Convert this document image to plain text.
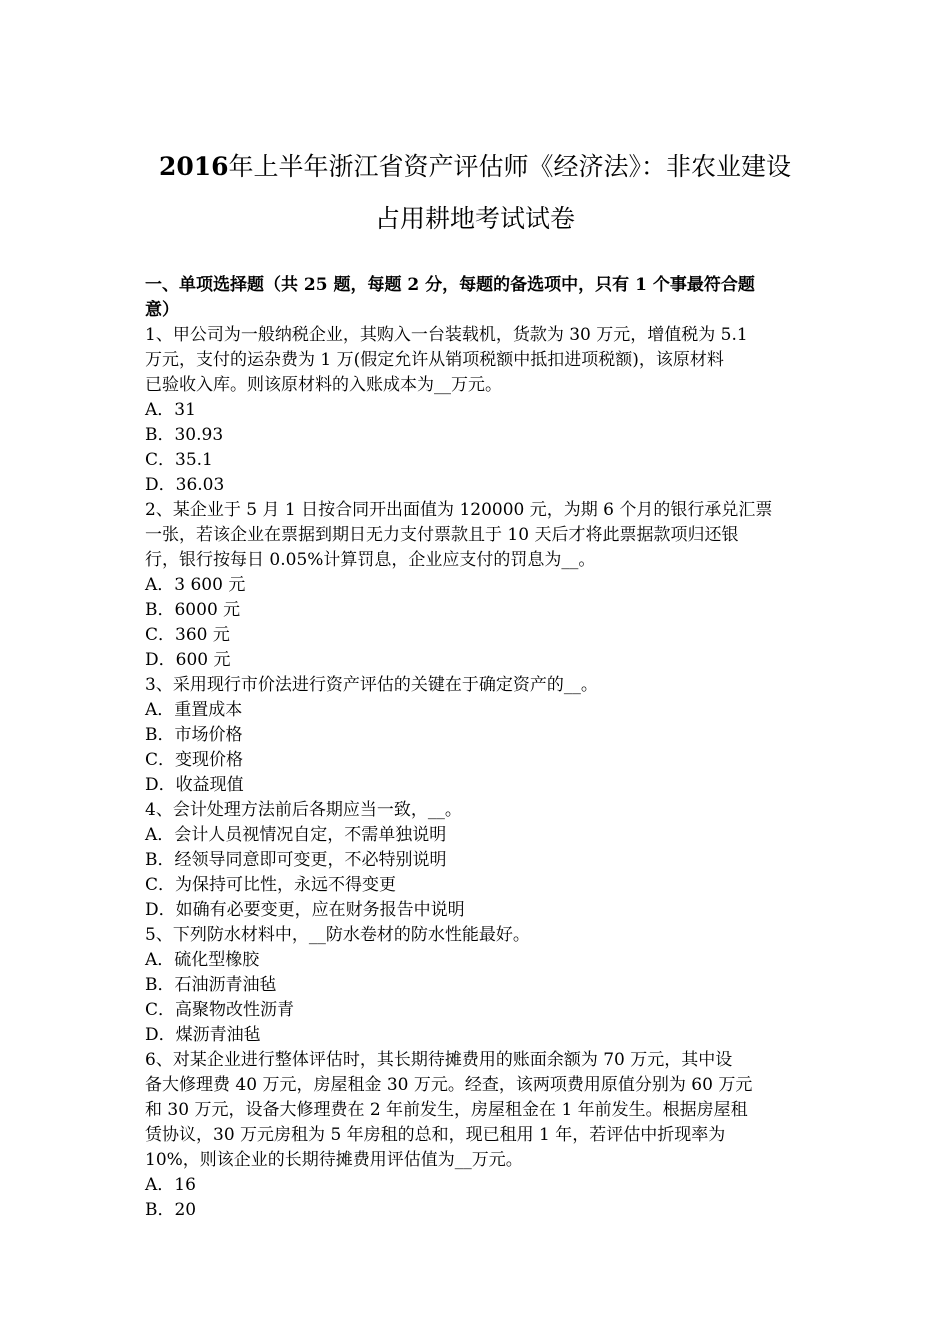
2016年上半年浙江省资产评估师《经济法》：非农业建设
占用耕地考试试卷

一、单项选择题（共 25 题，每题 2 分，每题的备选项中，只有 1 个事最符合题

意）

1、甲公司为一般纳税企业，其购入一台装载机，货款为 30 万元，增值税为 5.1

万元，支付的运杂费为 1 万(假定允许从销项税额中抵扣进项税额)，该原材料

已验收入库。则该原材料的入账成本为__万元。

A．31

B．30.93

C．35.1

D．36.03

2、某企业于 5 月 1 日按合同开出面值为 120000 元，为期 6 个月的银行承兑汇票

一张，若该企业在票据到期日无力支付票款且于 10 天后才将此票据款项归还银

行，银行按每日 0.05%计算罚息，企业应支付的罚息为__。

A．3 600 元

B．6000 元

C．360 元

D．600 元

3、采用现行市价法进行资产评估的关键在于确定资产的__。

A．重置成本

B．市场价格

C．变现价格

D．收益现值

4、会计处理方法前后各期应当一致，__。

A．会计人员视情况自定，不需单独说明

B．经领导同意即可变更，不必特别说明

C．为保持可比性，永远不得变更

D．如确有必要变更，应在财务报告中说明

5、下列防水材料中，__防水卷材的防水性能最好。

A．硫化型橡胶

B．石油沥青油毡

C．高聚物改性沥青

D．煤沥青油毡

6、对某企业进行整体评估时，其长期待摊费用的账面余额为 70 万元，其中设

备大修理费 40 万元，房屋租金 30 万元。经查，该两项费用原值分别为 60 万元

和 30 万元，设备大修理费在 2 年前发生，房屋租金在 1 年前发生。根据房屋租

赁协议，30 万元房租为 5 年房租的总和，现已租用 1 年，若评估中折现率为

10%，则该企业的长期待摊费用评估值为__万元。

A．16

B．20
